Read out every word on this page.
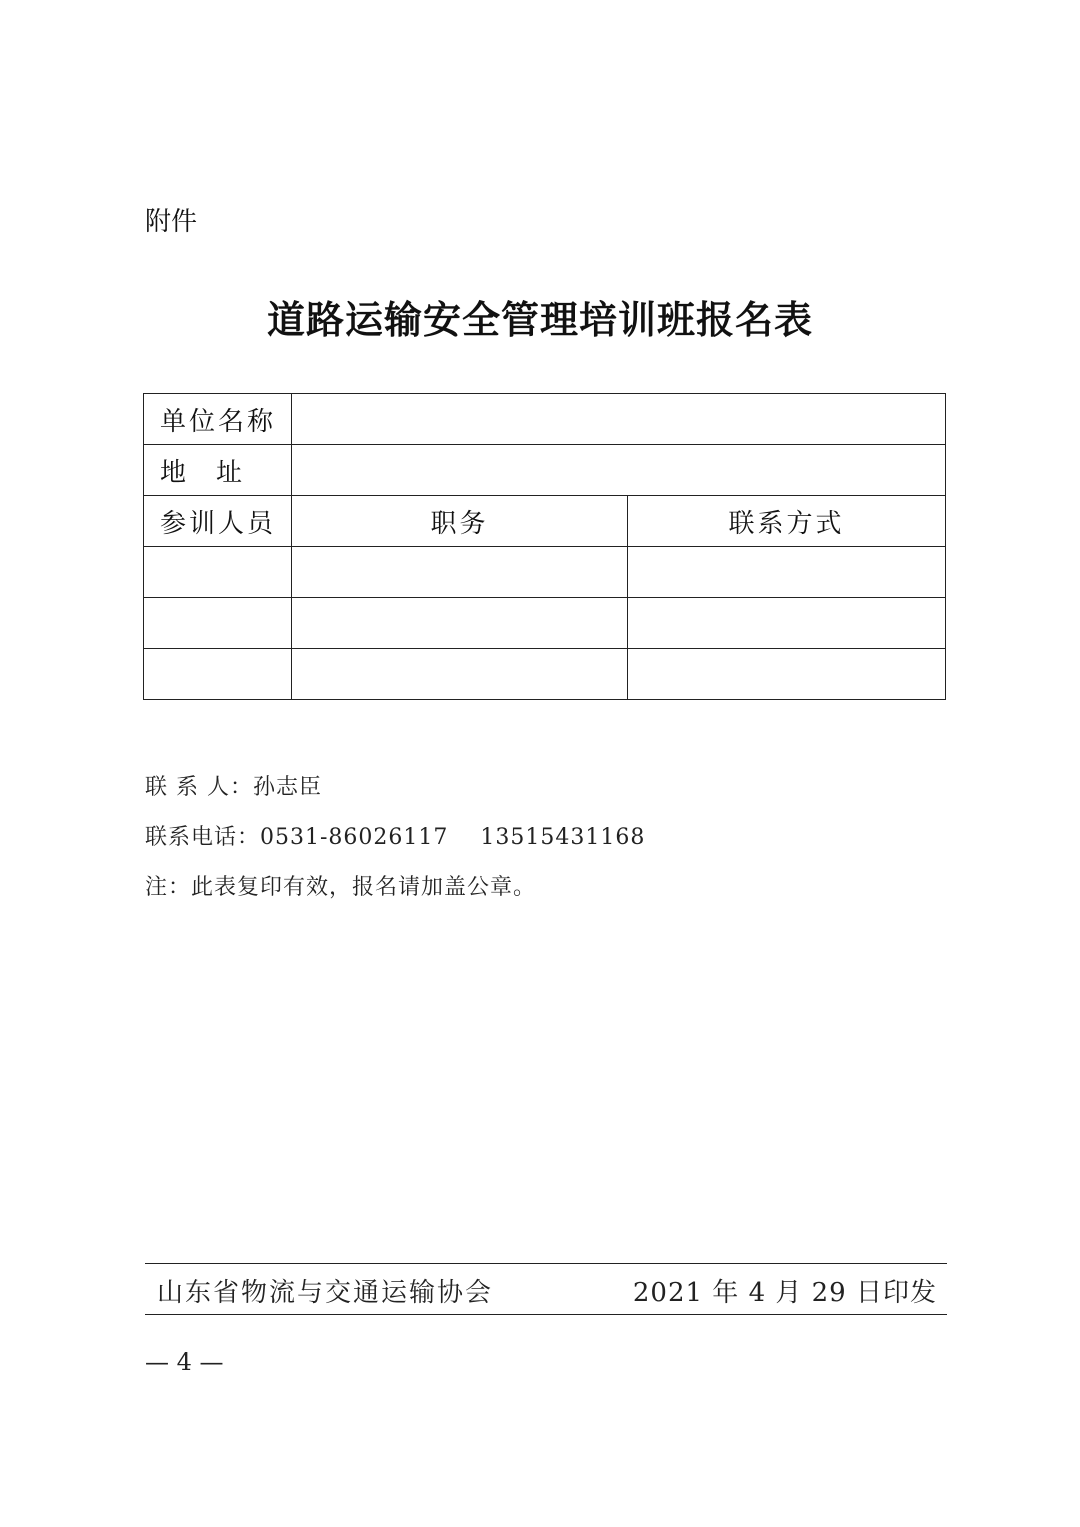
附件
道路运输安全管理培训班报名表
单位名称		

地 址		

参训人员	职务	联系方式

联 系 人：孙志臣
联系电话：0531-86026117    13515431168
注：此表复印有效，报名请加盖公章。
山东省物流与交通运输协会	2021 年 4 月 29 日印发
— 4 —
